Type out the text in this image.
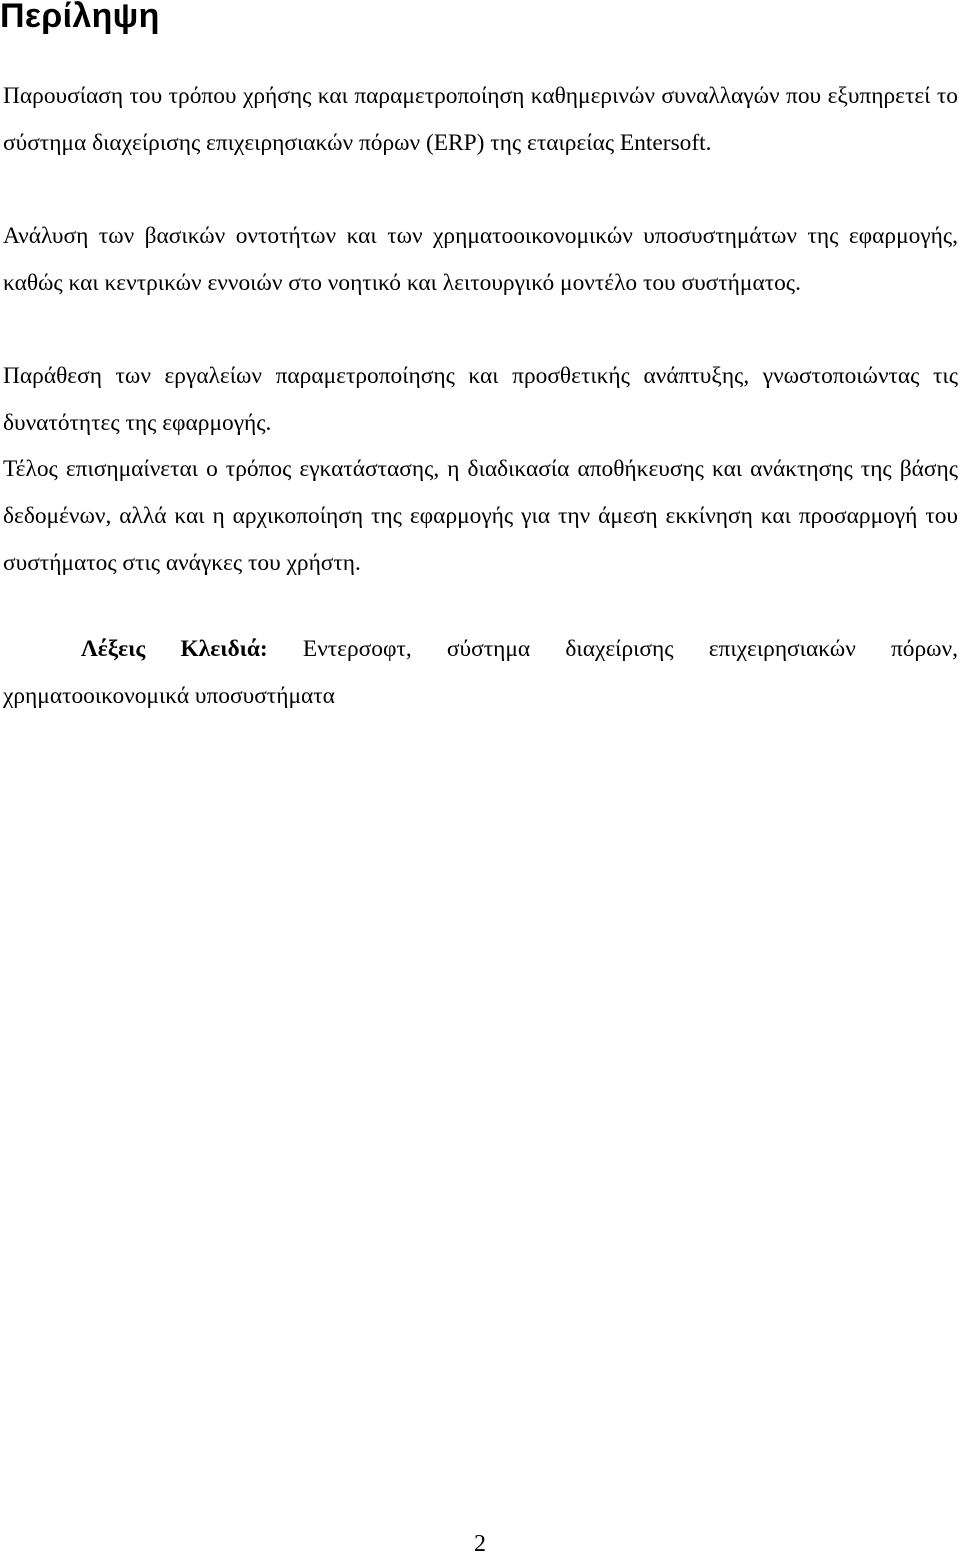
Περίληψη

Παρουσίαση του τρόπου χρήσης και παραμετροποίηση καθημερινών συναλλαγών που εξυπηρετεί το σύστημα διαχείρισης επιχειρησιακών πόρων (ERP) της εταιρείας Entersoft.

Ανάλυση των βασικών οντοτήτων και των χρηματοοικονομικών υποσυστημάτων της εφαρμογής, καθώς και κεντρικών εννοιών στο νοητικό και λειτουργικό μοντέλο του συστήματος.

Παράθεση των εργαλείων παραμετροποίησης και προσθετικής ανάπτυξης, γνωστοποιώντας τις δυνατότητες της εφαρμογής.

Τέλος επισημαίνεται ο τρόπος εγκατάστασης, η διαδικασία αποθήκευσης και ανάκτησης της βάσης δεδομένων, αλλά και η αρχικοποίηση της εφαρμογής για την άμεση εκκίνηση και προσαρμογή του συστήματος στις ανάγκες του χρήστη.

Λέξεις Κλειδιά: Εντερσοφτ, σύστημα διαχείρισης επιχειρησιακών πόρων, χρηματοοικονομικά υποσυστήματα

2
